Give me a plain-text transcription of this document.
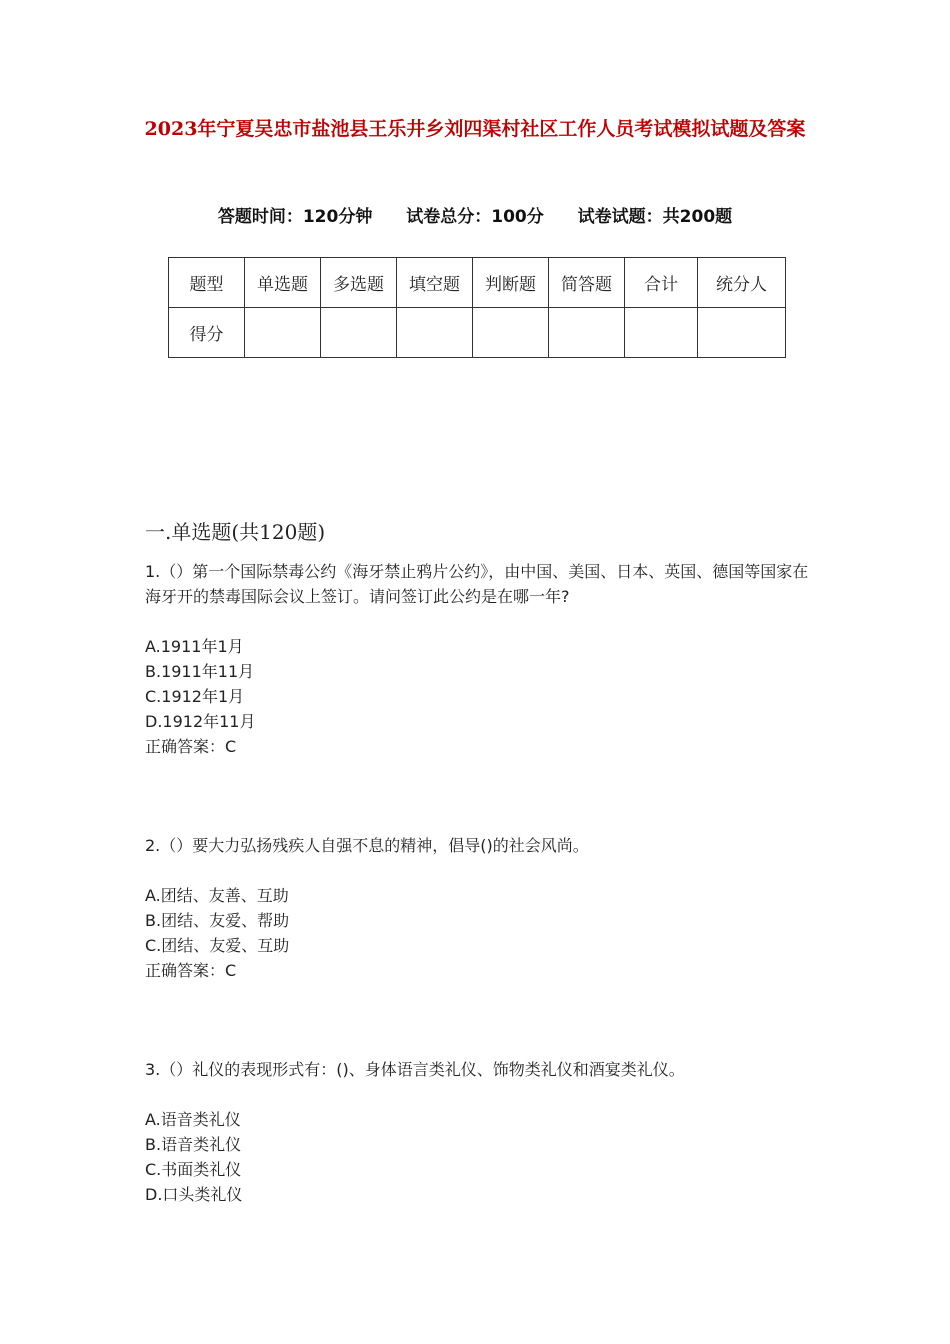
2023年宁夏吴忠市盐池县王乐井乡刘四渠村社区工作人员考试模拟试题及答案
答题时间：120分钟 试卷总分：100分 试卷试题：共200题
题型	单选题	多选题	填空题	判断题	简答题	合计	统分人
得分							
一.单选题(共120题)

1.（）第一个国际禁毒公约《海牙禁止鸦片公约》，由中国、美国、日本、英国、德国等国家在海牙开的禁毒国际会议上签订。请问签订此公约是在哪一年?

A.1911年1月

B.1911年11月

C.1912年1月

D.1912年11月

正确答案：C

2.（）要大力弘扬残疾人自强不息的精神，倡导()的社会风尚。

A.团结、友善、互助

B.团结、友爱、帮助

C.团结、友爱、互助

正确答案：C

3.（）礼仪的表现形式有：()、身体语言类礼仪、饰物类礼仪和酒宴类礼仪。

A.语音类礼仪

B.语音类礼仪

C.书面类礼仪

D.口头类礼仪
